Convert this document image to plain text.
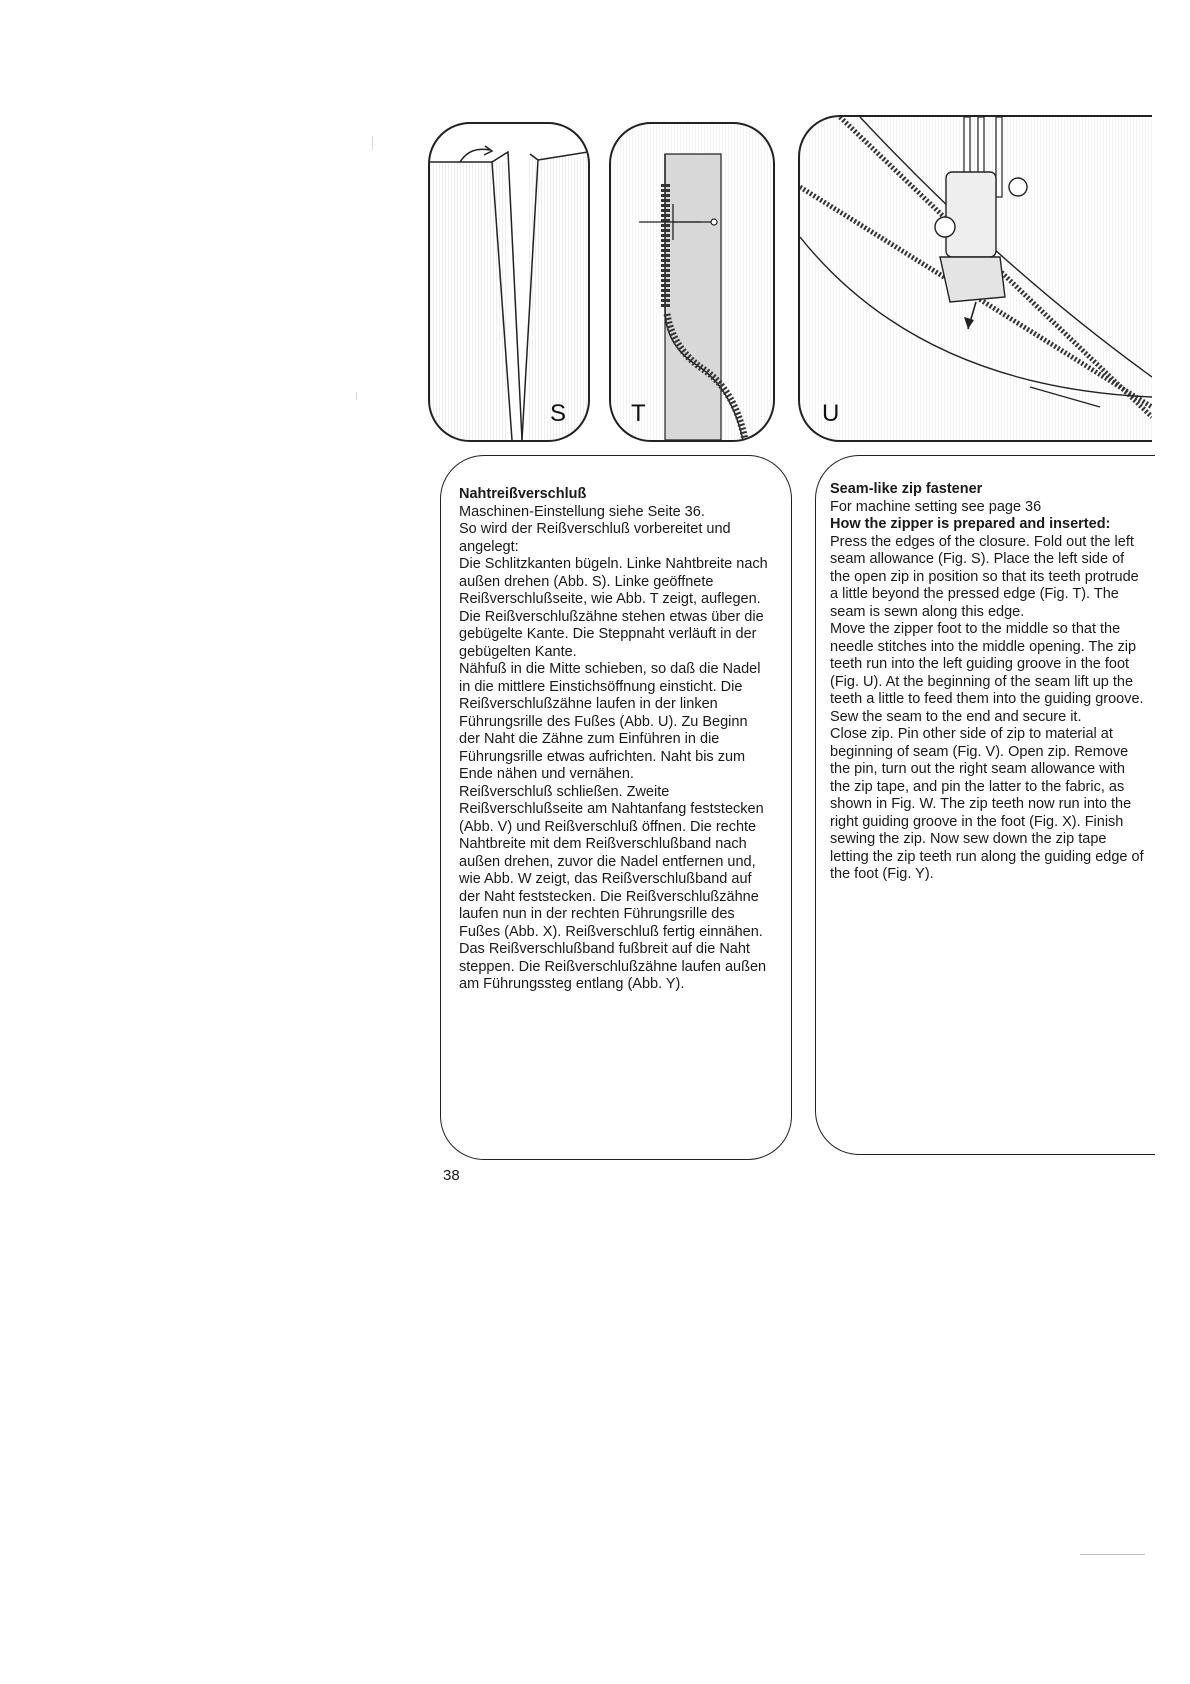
S	T	U

Nahtreißverschluß

Maschinen-Einstellung siehe Seite 36.

So wird der Reißverschluß vorbereitet und angelegt:

Die Schlitzkanten bügeln. Linke Nahtbreite nach außen drehen (Abb. S). Linke geöffnete Reißverschlußseite, wie Abb. T zeigt, auflegen. Die Reißverschlußzähne stehen etwas über die gebügelte Kante. Die Steppnaht verläuft in der gebügelten Kante.

Nähfuß in die Mitte schieben, so daß die Nadel in die mittlere Einstichsöffnung einsticht. Die Reißverschlußzähne laufen in der linken Führungsrille des Fußes (Abb. U). Zu Beginn der Naht die Zähne zum Einführen in die Führungsrille etwas aufrichten. Naht bis zum Ende nähen und vernähen.

Reißverschluß schließen. Zweite Reißverschlußseite am Nahtanfang feststecken (Abb. V) und Reißverschluß öffnen. Die rechte Nahtbreite mit dem Reißverschlußband nach außen drehen, zuvor die Nadel entfernen und, wie Abb. W zeigt, das Reißverschlußband auf der Naht feststecken. Die Reißverschlußzähne laufen nun in der rechten Führungsrille des Fußes (Abb. X). Reißverschluß fertig einnähen. Das Reißverschlußband fußbreit auf die Naht steppen. Die Reißverschlußzähne laufen außen am Führungssteg entlang (Abb. Y).

Seam-like zip fastener

For machine setting see page 36

How the zipper is prepared and inserted:

Press the edges of the closure. Fold out the left seam allowance (Fig. S). Place the left side of the open zip in position so that its teeth protrude a little beyond the pressed edge (Fig. T). The seam is sewn along this edge.

Move the zipper foot to the middle so that the needle stitches into the middle opening. The zip teeth run into the left guiding groove in the foot (Fig. U). At the beginning of the seam lift up the teeth a little to feed them into the guiding groove. Sew the seam to the end and secure it.

Close zip. Pin other side of zip to material at beginning of seam (Fig. V). Open zip. Remove the pin, turn out the right seam allowance with the zip tape, and pin the latter to the fabric, as shown in Fig. W. The zip teeth now run into the right guiding groove in the foot (Fig. X). Finish sewing the zip. Now sew down the zip tape letting the zip teeth run along the guiding edge of the foot (Fig. Y).

38
